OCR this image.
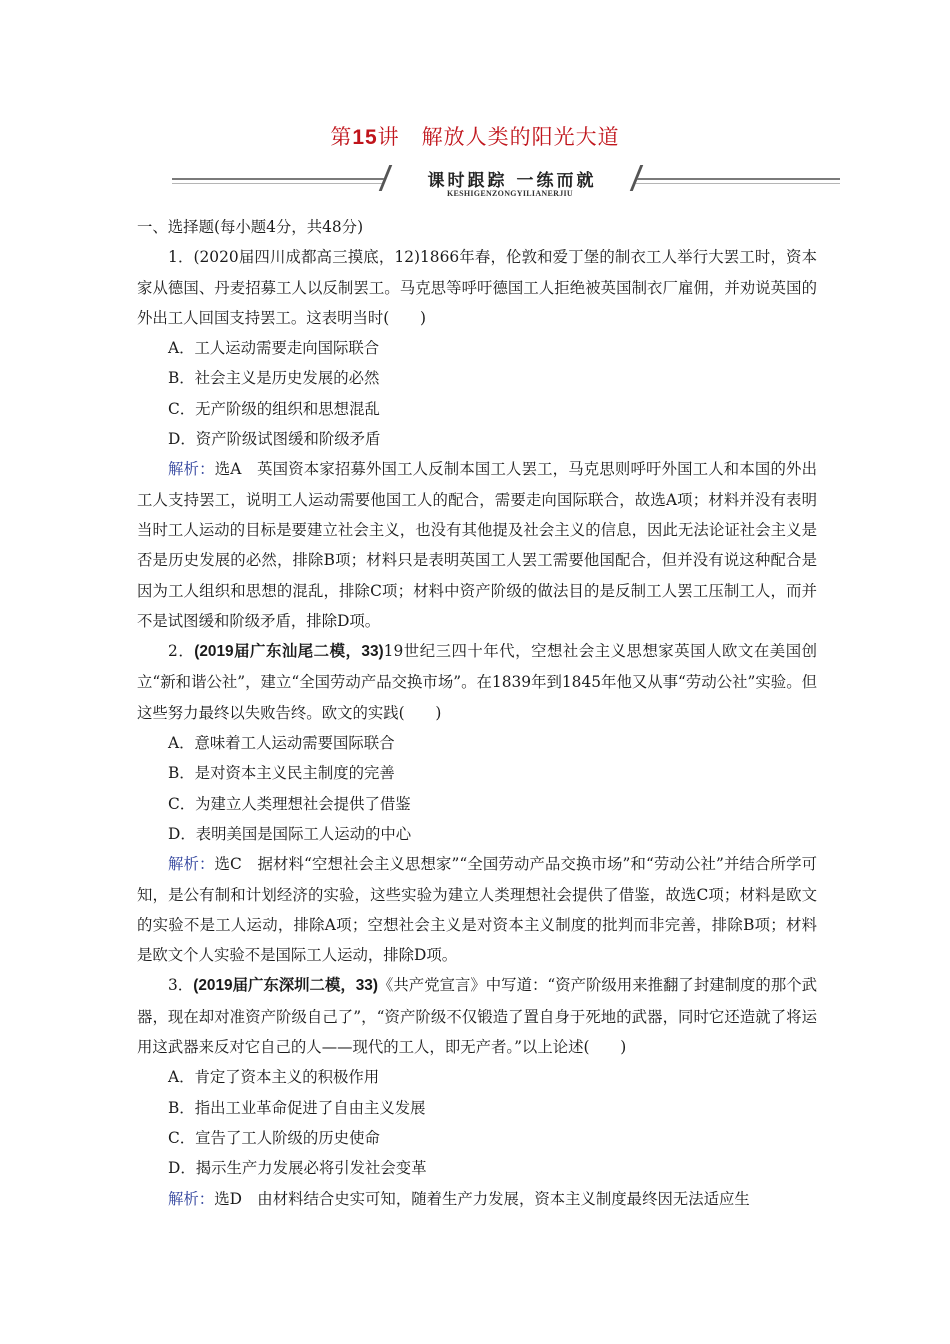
第15讲　解放人类的阳光大道
课时跟踪 一练而就
KESHIGENZONGYILIANERJIU

一、选择题(每小题4分，共48分)

1．(2020届四川成都高三摸底，12)1866年春，伦敦和爱丁堡的制衣工人举行大罢工时，资本家从德国、丹麦招募工人以反制罢工。马克思等呼吁德国工人拒绝被英国制衣厂雇佣，并劝说英国的外出工人回国支持罢工。这表明当时(　　)

A．工人运动需要走向国际联合

B．社会主义是历史发展的必然

C．无产阶级的组织和思想混乱

D．资产阶级试图缓和阶级矛盾

解析：选A　英国资本家招募外国工人反制本国工人罢工，马克思则呼吁外国工人和本国的外出工人支持罢工，说明工人运动需要他国工人的配合，需要走向国际联合，故选A项；材料并没有表明当时工人运动的目标是要建立社会主义，也没有其他提及社会主义的信息，因此无法论证社会主义是否是历史发展的必然，排除B项；材料只是表明英国工人罢工需要他国配合，但并没有说这种配合是因为工人组织和思想的混乱，排除C项；材料中资产阶级的做法目的是反制工人罢工压制工人，而并不是试图缓和阶级矛盾，排除D项。

2．(2019届广东汕尾二模，33)19世纪三四十年代，空想社会主义思想家英国人欧文在美国创立“新和谐公社”，建立“全国劳动产品交换市场”。在1839年到1845年他又从事“劳动公社”实验。但这些努力最终以失败告终。欧文的实践(　　)

A．意味着工人运动需要国际联合

B．是对资本主义民主制度的完善

C．为建立人类理想社会提供了借鉴

D．表明美国是国际工人运动的中心

解析：选C　据材料“空想社会主义思想家”“全国劳动产品交换市场”和“劳动公社”并结合所学可知，是公有制和计划经济的实验，这些实验为建立人类理想社会提供了借鉴，故选C项；材料是欧文的实验不是工人运动，排除A项；空想社会主义是对资本主义制度的批判而非完善，排除B项；材料是欧文个人实验不是国际工人运动，排除D项。

3．(2019届广东深圳二模，33)《共产党宣言》中写道：“资产阶级用来推翻了封建制度的那个武器，现在却对准资产阶级自己了”，“资产阶级不仅锻造了置自身于死地的武器，同时它还造就了将运用这武器来反对它自己的人——现代的工人，即无产者。”以上论述(　　)

A．肯定了资本主义的积极作用

B．指出工业革命促进了自由主义发展

C．宣告了工人阶级的历史使命

D．揭示生产力发展必将引发社会变革

解析：选D　由材料结合史实可知，随着生产力发展，资本主义制度最终因无法适应生
